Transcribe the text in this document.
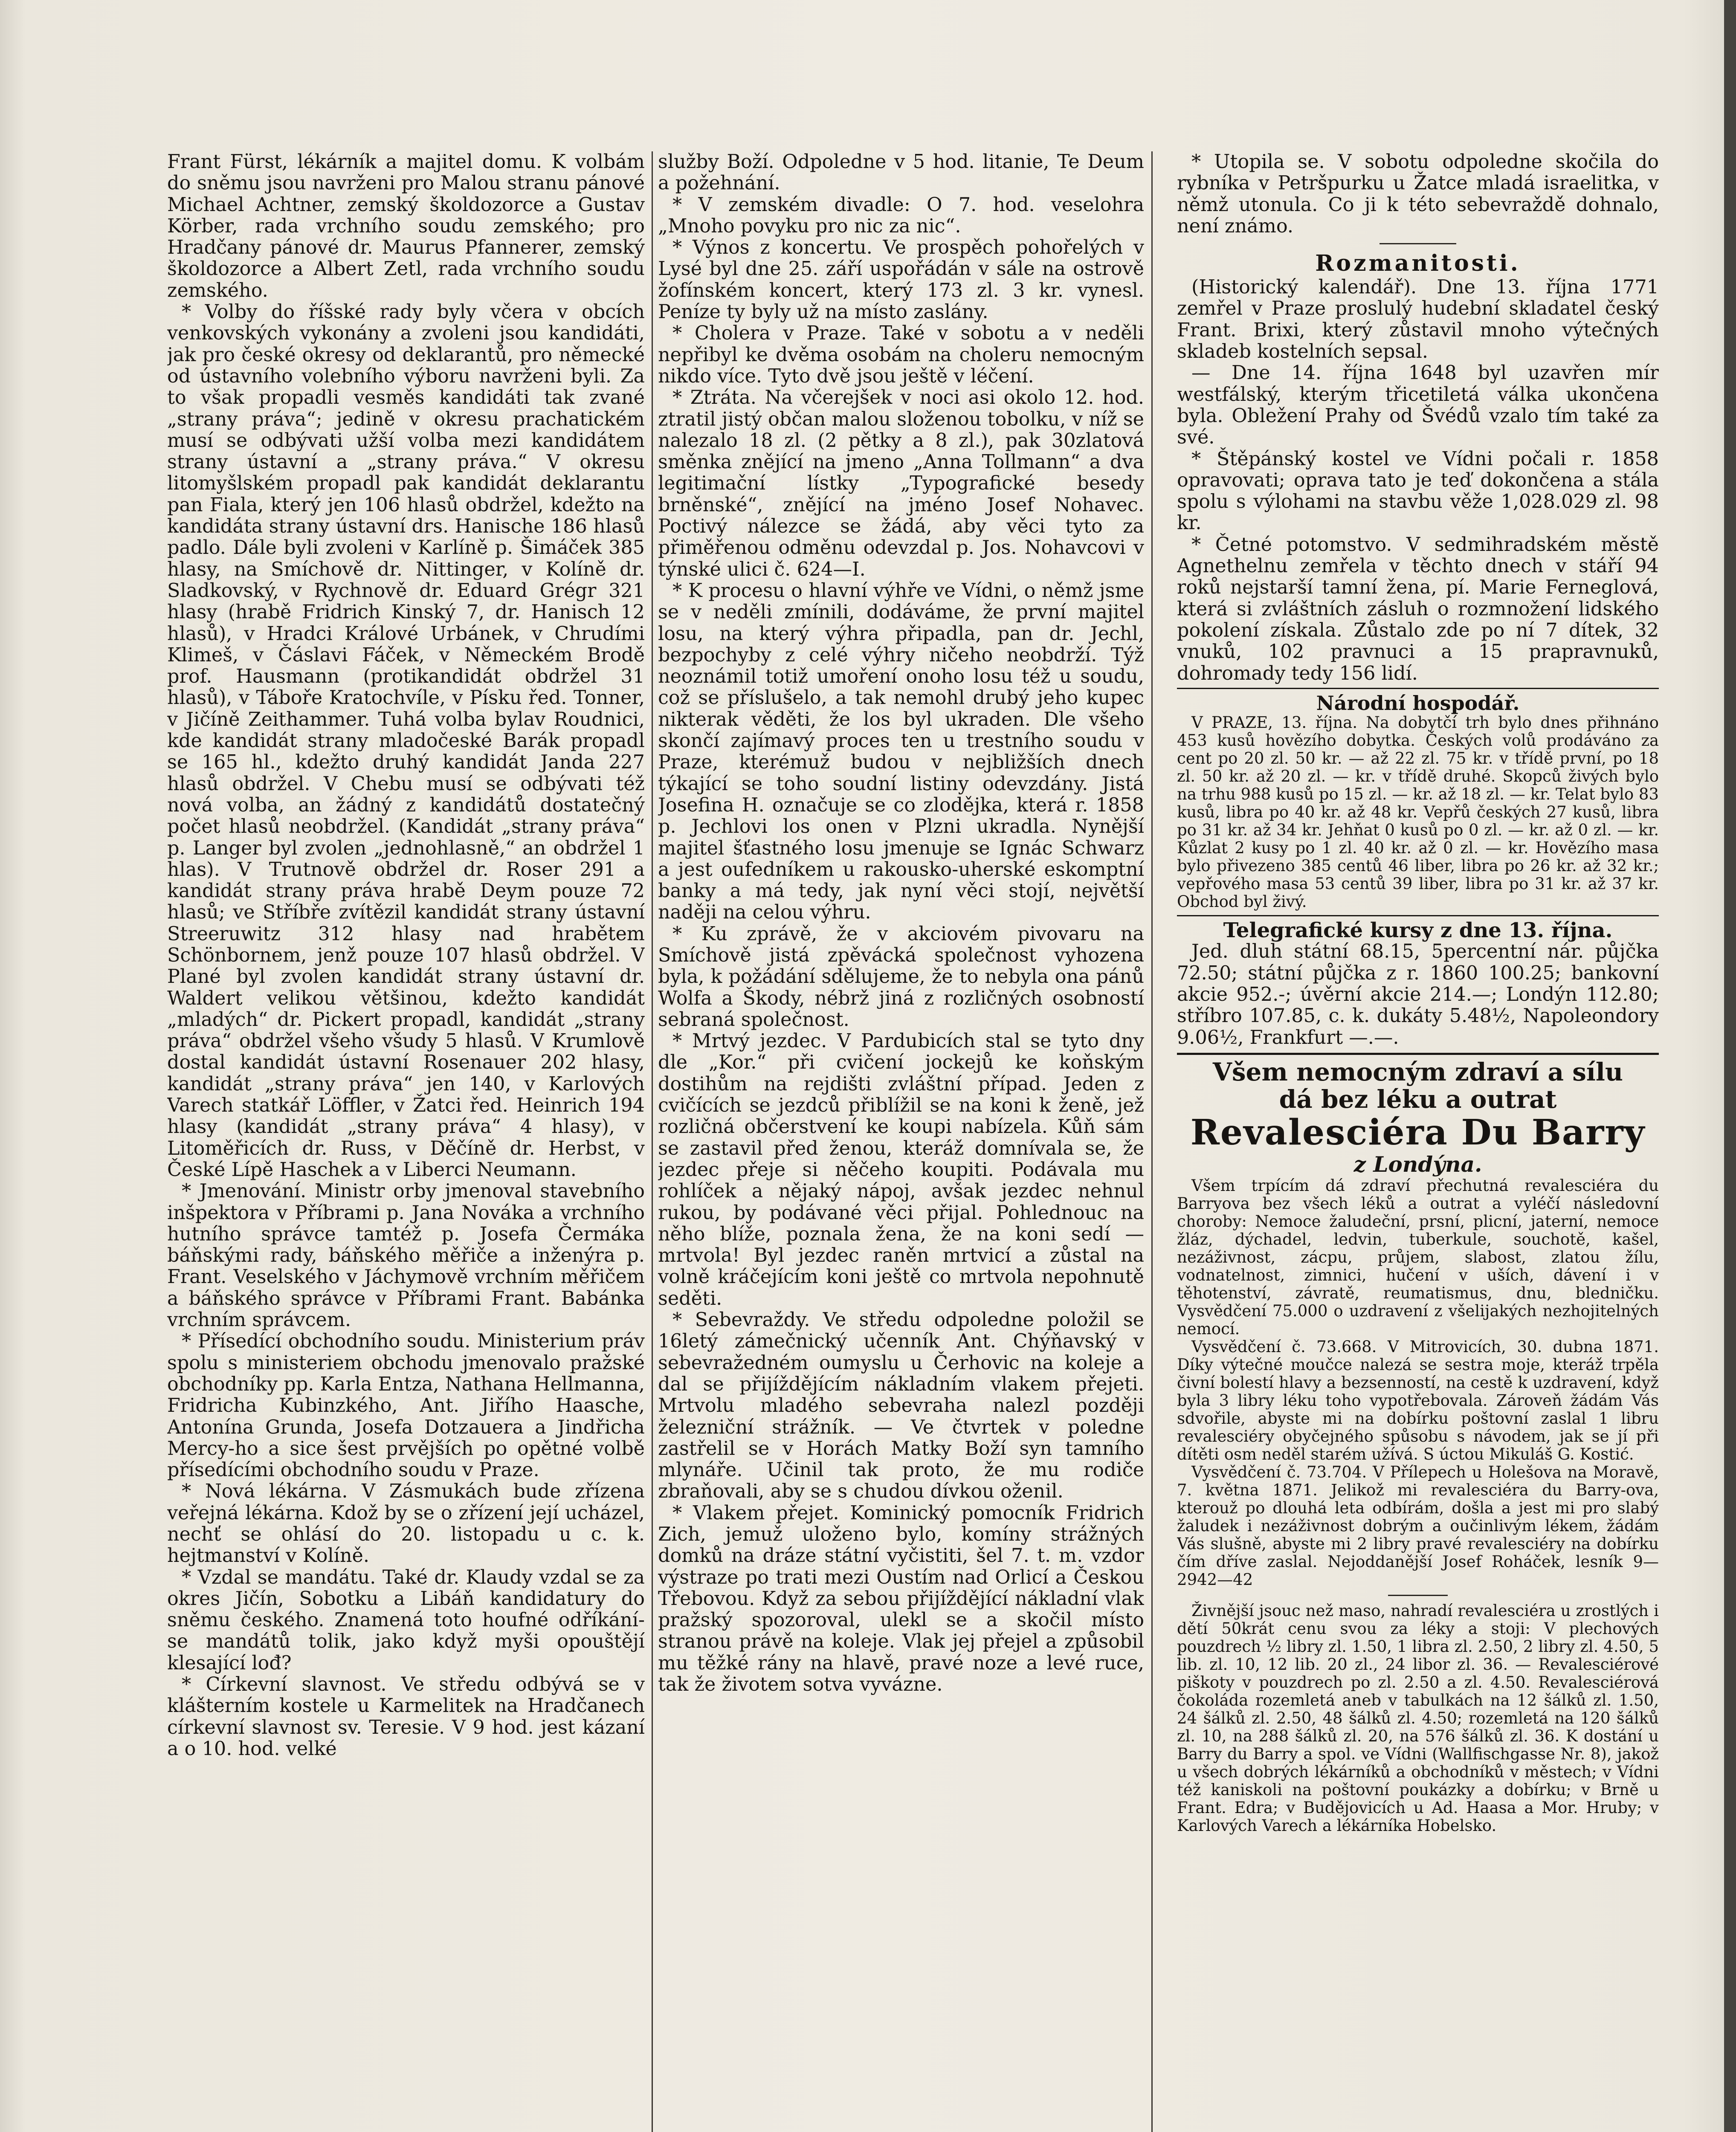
Frant Fürst, lékárník a majitel domu. K volbám do sněmu jsou navrženi pro Malou stranu pánové Michael Achtner, zemský školdozorce a Gustav Körber, rada vrchního soudu zemského; pro Hradčany pánové dr. Maurus Pfannerer, zemský školdozorce a Albert Zetl, rada vrchního soudu zemského.

* Volby do říšské rady byly včera v obcích venkovských vykonány a zvoleni jsou kandidáti, jak pro české okresy od deklarantů, pro německé od ústavního volebního výboru navrženi byli. Za to však propadli vesměs kandidáti tak zvané „strany práva“; jedině v okresu prachatickém musí se odbývati užší volba mezi kandidátem strany ústavní a „strany práva.“ V okresu litomyšlském propadl pak kandidát deklarantu pan Fiala, který jen 106 hlasů obdržel, kdežto na kandidáta strany ústavní drs. Hanische 186 hlasů padlo. Dále byli zvoleni v Karlíně p. Šimáček 385 hlasy, na Smíchově dr. Nittinger, v Kolíně dr. Sladkovský, v Rychnově dr. Eduard Grégr 321 hlasy (hrabě Fridrich Kinský 7, dr. Hanisch 12 hlasů), v Hradci Králové Urbánek, v Chrudími Klimeš, v Čáslavi Fáček, v Německém Brodě prof. Hausmann (protikandidát obdržel 31 hlasů), v Táboře Kratochvíle, v Písku řed. Tonner, v Jičíně Zeithammer. Tuhá volba bylav Roudnici, kde kandidát strany mladočeské Barák propadl se 165 hl., kdežto druhý kandidát Janda 227 hlasů obdržel. V Chebu musí se odbývati též nová volba, an žádný z kandidátů dostatečný počet hlasů neobdržel. (Kandidát „strany práva“ p. Langer byl zvolen „jednohlasně,“ an obdržel 1 hlas). V Trutnově obdržel dr. Roser 291 a kandidát strany práva hrabě Deym pouze 72 hlasů; ve Stříbře zvítězil kandidát strany ústavní Streeruwitz 312 hlasy nad hrabětem Schönbornem, jenž pouze 107 hlasů obdržel. V Plané byl zvolen kandidát strany ústavní dr. Waldert velikou většinou, kdežto kandidát „mladých“ dr. Pickert propadl, kandidát „strany práva“ obdržel všeho všudy 5 hlasů. V Krumlově dostal kandidát ústavní Rosenauer 202 hlasy, kandidát „strany práva“ jen 140, v Karlových Varech statkář Löffler, v Žatci řed. Heinrich 194 hlasy (kandidát „strany práva“ 4 hlasy), v Litoměřicích dr. Russ, v Děčíně dr. Herbst, v České Lípě Haschek a v Liberci Neumann.

* Jmenování. Ministr orby jmenoval stavebního inšpektora v Příbrami p. Jana Nováka a vrchního hutního správce tamtéž p. Josefa Čermáka báňskými rady, báňského měřiče a inženýra p. Frant. Veselského v Jáchymově vrchním měřičem a báňského správce v Příbrami Frant. Babánka vrchním správcem.

* Přísedící obchodního soudu. Ministerium práv spolu s ministeriem obchodu jmenovalo pražské obchodníky pp. Karla Entza, Nathana Hellmanna, Fridricha Kubinzkého, Ant. Jiřího Haasche, Antonína Grunda, Josefa Dotzauera a Jindřicha Mercy-ho a sice šest prvějších po opětné volbě přísedícími obchodního soudu v Praze.

* Nová lékárna. V Zásmukách bude zřízena veřejná lékárna. Kdož by se o zřízení její ucházel, nechť se ohlásí do 20. listopadu u c. k. hejtmanství v Kolíně.

* Vzdal se mandátu. Také dr. Klaudy vzdal se za okres Jičín, Sobotku a Libáň kandidatury do sněmu českého. Znamená toto houfné odříkání-se mandátů tolik, jako když myši opouštějí klesající lođ?

* Církevní slavnost. Ve středu odbývá se v klášterním kostele u Karmelitek na Hradčanech církevní slavnost sv. Teresie. V 9 hod. jest kázaní a o 10. hod. velké

služby Boží. Odpoledne v 5 hod. litanie, Te Deum a požehnání.

* V zemském divadle: O 7. hod. veselohra „Mnoho povyku pro nic za nic“.

* Výnos z koncertu. Ve prospěch pohořelých v Lysé byl dne 25. září uspořádán v sále na ostrově žofínském koncert, který 173 zl. 3 kr. vynesl. Peníze ty byly už na místo zaslány.

* Cholera v Praze. Také v sobotu a v neděli nepřibyl ke dvěma osobám na choleru nemocným nikdo více. Tyto dvě jsou ještě v léčení.

* Ztráta. Na včerejšek v noci asi okolo 12. hod. ztratil jistý občan malou složenou tobolku, v níž se nalezalo 18 zl. (2 pětky a 8 zl.), pak 30zlatová směnka znějící na jmeno „Anna Tollmann“ a dva legitimační lístky „Typografické besedy brněnské“, znějící na jméno Josef Nohavec. Poctivý nálezce se žádá, aby věci tyto za přiměřenou odměnu odevzdal p. Jos. Nohavcovi v týnské ulici č. 624—I.

* K procesu o hlavní výhře ve Vídni, o němž jsme se v neděli zmínili, dodáváme, že první majitel losu, na který výhra připadla, pan dr. Jechl, bezpochyby z celé výhry ničeho neobdrží. Týž neoznámil totiž umoření onoho losu též u soudu, což se příslušelo, a tak nemohl drubý jeho kupec nikterak věděti, že los byl ukraden. Dle všeho skončí zajímavý proces ten u trestního soudu v Praze, kterémuž budou v nejbližších dnech týkající se toho soudní listiny odevzdány. Jistá Josefina H. označuje se co zlodějka, která r. 1858 p. Jechlovi los onen v Plzni ukradla. Nynější majitel šťastného losu jmenuje se Ignác Schwarz a jest oufedníkem u rakousko-uherské eskomptní banky a má tedy, jak nyní věci stojí, největší naději na celou výhru.

* Ku zprávě, že v akciovém pivovaru na Smíchově jistá zpěvácká společnost vyhozena byla, k požádání sdělujeme, že to nebyla ona pánů Wolfa a Škody, nébrž jiná z rozličných osobností sebraná společnost.

* Mrtvý jezdec. V Pardubicích stal se tyto dny dle „Kor.“ při cvičení jockejů ke koňským dostihům na rejdišti zvláštní případ. Jeden z cvičících se jezdců přiblížil se na koni k ženě, jež rozličná občerstvení ke koupi nabízela. Kůň sám se zastavil před ženou, kteráž domnívala se, že jezdec přeje si něčeho koupiti. Podávala mu rohlíček a nějaký nápoj, avšak jezdec nehnul rukou, by podávané věci přijal. Pohlednouc na něho blíže, poznala žena, že na koni sedí — mrtvola! Byl jezdec raněn mrtvicí a zůstal na volně kráčejícím koni ještě co mrtvola nepohnutě seděti.

* Sebevraždy. Ve středu odpoledne položil se 16letý zámečnický učenník Ant. Chýňavský v sebevražedném oumyslu u Čerhovic na koleje a dal se přijíždějícím nákladním vlakem přejeti. Mrtvolu mladého sebevraha nalezl později železniční strážník. — Ve čtvrtek v poledne zastřelil se v Horách Matky Boží syn tamního mlynáře. Učinil tak proto, že mu rodiče zbraňovali, aby se s chudou dívkou oženil.

* Vlakem přejet. Kominický pomocník Fridrich Zich, jemuž uloženo bylo, komíny strážných domků na dráze státní vyčistiti, šel 7. t. m. vzdor výstraze po trati mezi Oustím nad Orlicí a Českou Třebovou. Když za sebou přijíždějící nákladní vlak pražský spozoroval, ulekl se a skočil místo stranou právě na koleje. Vlak jej přejel a způsobil mu těžké rány na hlavě, pravé noze a levé ruce, tak že životem sotva vyvázne.

* Utopila se. V sobotu odpoledne skočila do rybníka v Petršpurku u Žatce mladá israelitka, v němž utonula. Co ji k této sebevraždě dohnalo, není známo.

Rozmanitosti.

(Historický kalendář). Dne 13. října 1771 zemřel v Praze proslulý hudební skladatel český Frant. Brixi, který zůstavil mnoho výtečných skladeb kostelních sepsal.

— Dne 14. října 1648 byl uzavřen mír westfálský, kterým třicetiletá válka ukončena byla. Obležení Prahy od Švédů vzalo tím také za své.

* Štěpánský kostel ve Vídni počali r. 1858 opravovati; oprava tato je teď dokončena a stála spolu s výlohami na stavbu věže 1,028.029 zl. 98 kr.

* Četné potomstvo. V sedmihradském městě Agnethelnu zemřela v těchto dnech v stáří 94 roků nejstarší tamní žena, pí. Marie Ferneglová, která si zvláštních zásluh o rozmnožení lidského pokolení získala. Zůstalo zde po ní 7 dítek, 32 vnuků, 102 pravnuci a 15 prapravnuků, dohromady tedy 156 lidí.

Národní hospodář.

V PRAZE, 13. října. Na dobytčí trh bylo dnes přihnáno 453 kusů hovězího dobytka. Českých volů prodáváno za cent po 20 zl. 50 kr. — až 22 zl. 75 kr. v třídě první, po 18 zl. 50 kr. až 20 zl. — kr. v třídě druhé. Skopců živých bylo na trhu 988 kusů po 15 zl. — kr. až 18 zl. — kr. Telat bylo 83 kusů, libra po 40 kr. až 48 kr. Vepřů českých 27 kusů, libra po 31 kr. až 34 kr. Jehňat 0 kusů po 0 zl. — kr. až 0 zl. — kr. Kůzlat 2 kusy po 1 zl. 40 kr. až 0 zl. — kr. Hovězího masa bylo přivezeno 385 centů 46 liber, libra po 26 kr. až 32 kr.; vepřového masa 53 centů 39 liber, libra po 31 kr. až 37 kr. Obchod byl živý.

Telegrafické kursy z dne 13. října.

Jed. dluh státní 68.15, 5percentní nár. půjčka 72.50; státní půjčka z r. 1860 100.25; bankovní akcie 952.-; úvěrní akcie 214.—; Londýn 112.80; stříbro 107.85, c. k. dukáty 5.48½, Napoleondory 9.06½, Frankfurt —.—.

Všem nemocným zdraví a sílu

dá bez léku a outrat

Revalesciéra Du Barry

z Londýna.

Všem trpícím dá zdraví přechutná revalesciéra du Barryova bez všech léků a outrat a vyléčí následovní choroby: Nemoce žaludeční, prsní, plicní, jaterní, nemoce žláz, dýchadel, ledvin, tuberkule, souchotě, kašel, nezáživnost, zácpu, průjem, slabost, zlatou žílu, vodnatelnost, zimnici, hučení v uších, dávení i v těhotenství, závratě, reumatismus, dnu, bledničku. Vysvědčení 75.000 o uzdravení z všelijakých nezhojitelných nemocí.

Vysvědčení č. 73.668. V Mitrovicích, 30. dubna 1871. Díky výtečné moučce nalezá se sestra moje, kteráž trpěla čivní bolestí hlavy a bezsenností, na cestě k uzdravení, když byla 3 libry léku toho vypotřebovala. Zároveň žádám Vás sdvořile, abyste mi na dobírku poštovní zaslal 1 libru revalesciéry obyčejného spůsobu s návodem, jak se jí při dítěti osm neděl starém užívá. S úctou Mikuláš G. Kostić.

Vysvědčení č. 73.704. V Přílepech u Holešova na Moravě, 7. května 1871. Jelikož mi revalesciéra du Barry-ova, kterouž po dlouhá leta odbírám, došla a jest mi pro slabý žaludek i nezáživnost dobrým a oučinlivým lékem, žádám Vás slušně, abyste mi 2 libry pravé revalesciéry na dobírku čím dříve zaslal. Nejoddanější Josef Roháček, lesník 9—2942—42

Živnější jsouc než maso, nahradí revalesciéra u zrostlých i dětí 50krát cenu svou za léky a stoji: V plechových pouzdrech ½ libry zl. 1.50, 1 libra zl. 2.50, 2 libry zl. 4.50, 5 lib. zl. 10, 12 lib. 20 zl., 24 libor zl. 36. — Revalesciérové piškoty v pouzdrech po zl. 2.50 a zl. 4.50. Revalesciérová čokoláda rozemletá aneb v tabulkách na 12 šálků zl. 1.50, 24 šálků zl. 2.50, 48 šálků zl. 4.50; rozemletá na 120 šálků zl. 10, na 288 šálků zl. 20, na 576 šálků zl. 36. K dostání u Barry du Barry a spol. ve Vídni (Wallfischgasse Nr. 8), jakož u všech dobrých lékárníků a obchodníků v městech; v Vídni též kaniskoli na poštovní poukázky a dobírku; v Brně u Frant. Edra; v Budějovicích u Ad. Haasa a Mor. Hruby; v Karlových Varech a lékárníka Hobelsko.
